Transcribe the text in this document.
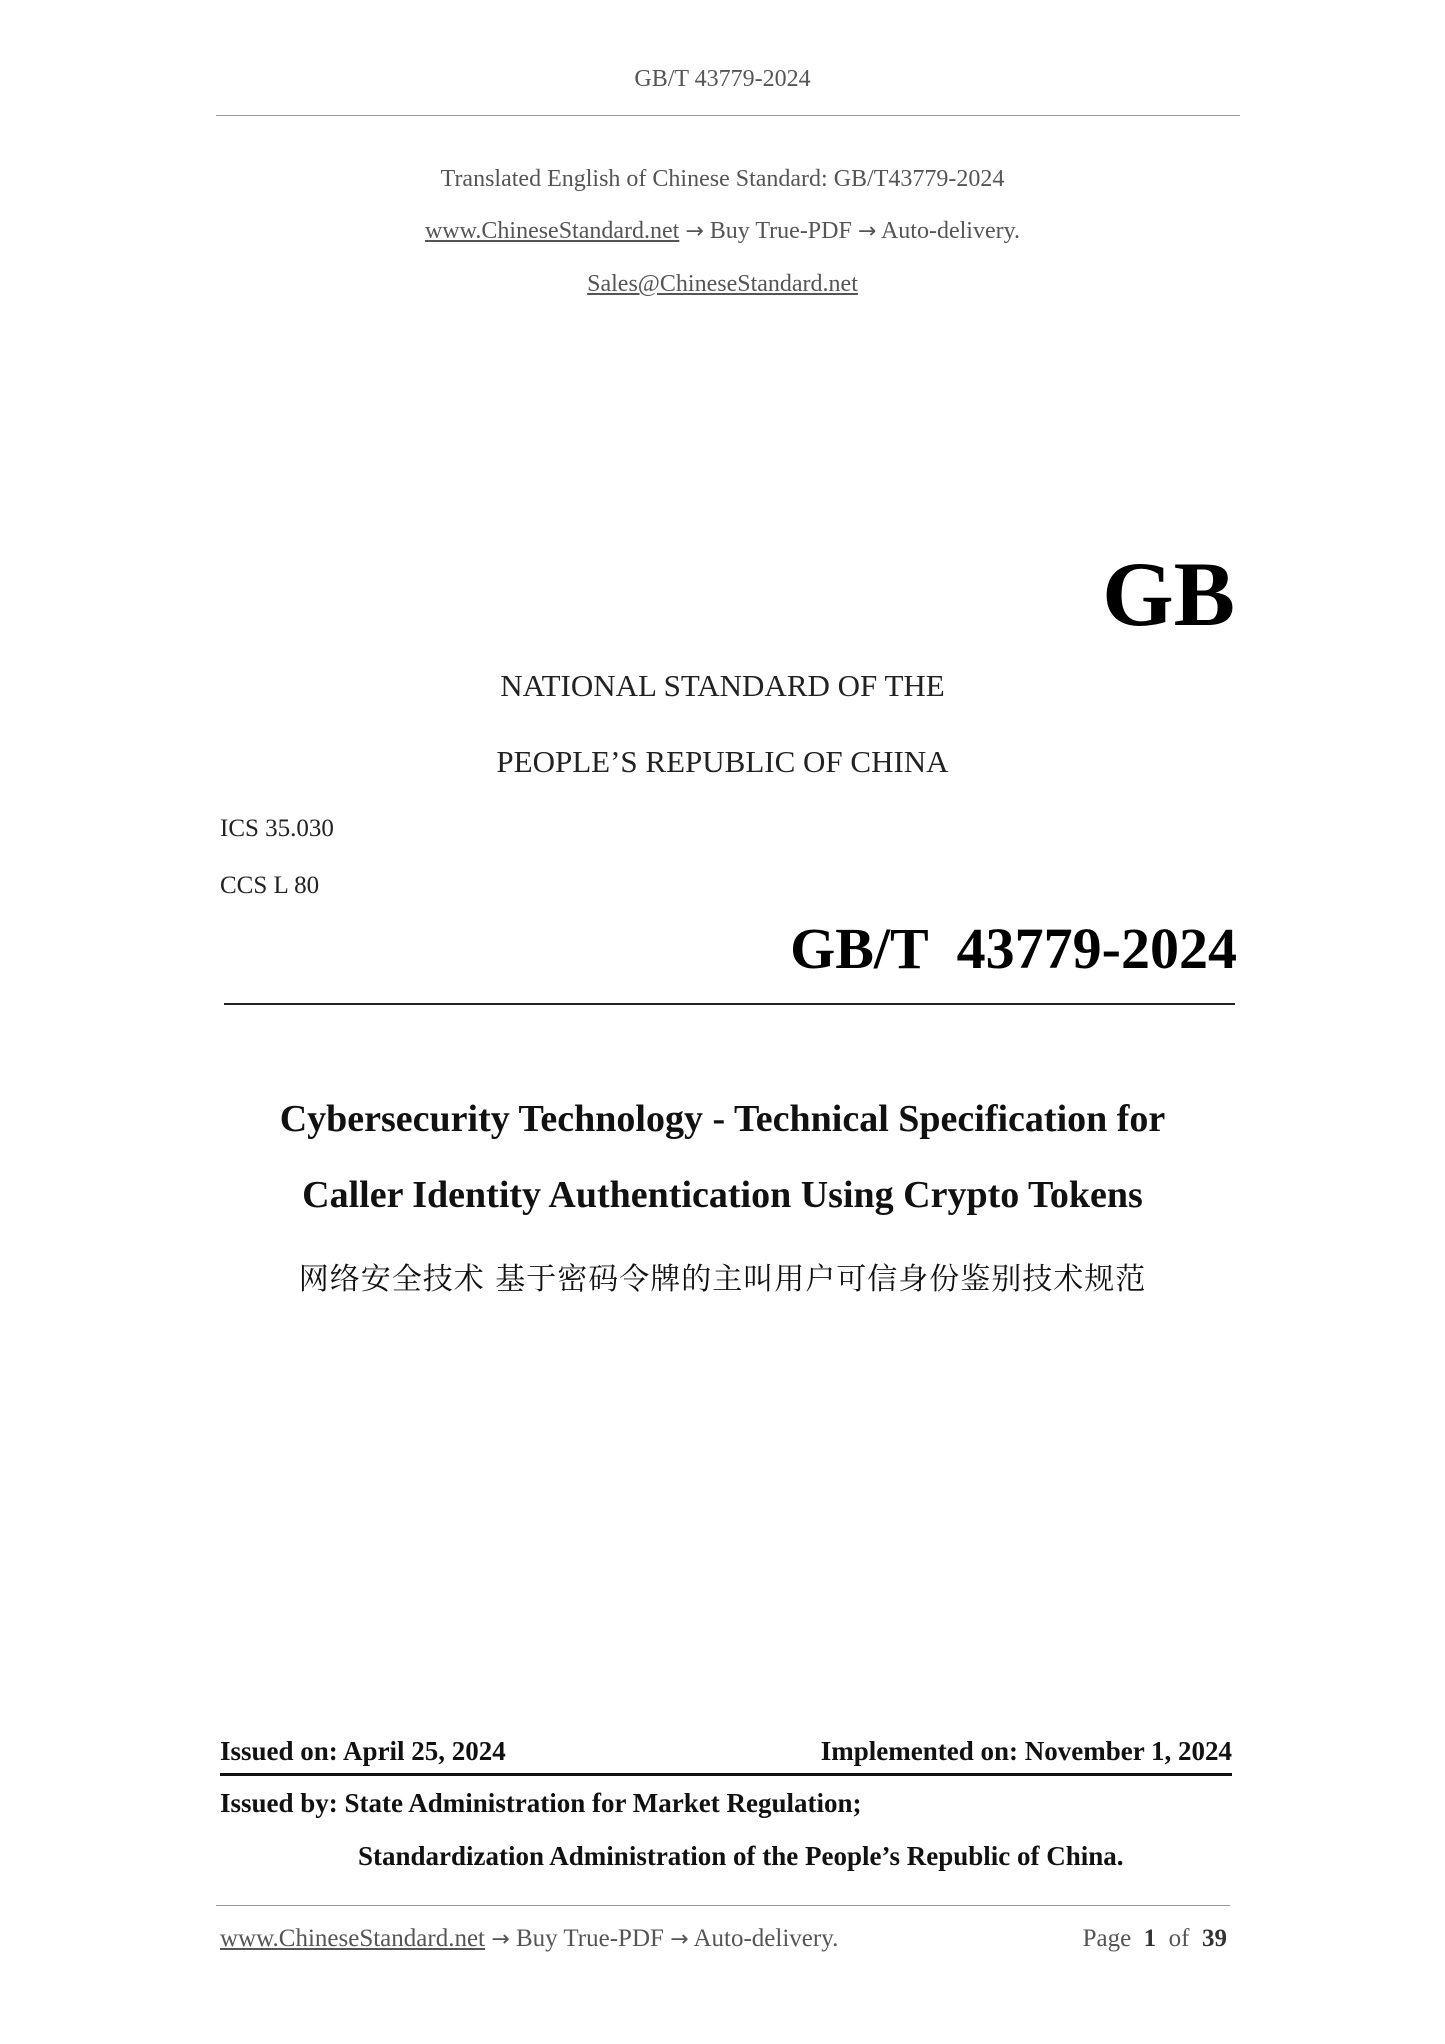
GB/T 43779-2024
Translated English of Chinese Standard: GB/T43779-2024
www.ChineseStandard.net → Buy True-PDF → Auto-delivery.
Sales@ChineseStandard.net
GB
NATIONAL STANDARD OF THE
PEOPLE’S REPUBLIC OF CHINA
ICS 35.030
CCS L 80
GB/T 43779-2024
Cybersecurity Technology - Technical Specification for
Caller Identity Authentication Using Crypto Tokens
网络安全技术 基于密码令牌的主叫用户可信身份鉴别技术规范
Issued on: April 25, 2024	Implemented on: November 1, 2024
Issued by: State Administration for Market Regulation;
Standardization Administration of the People’s Republic of China.
www.ChineseStandard.net → Buy True-PDF → Auto-delivery.	Page 1 of 39
